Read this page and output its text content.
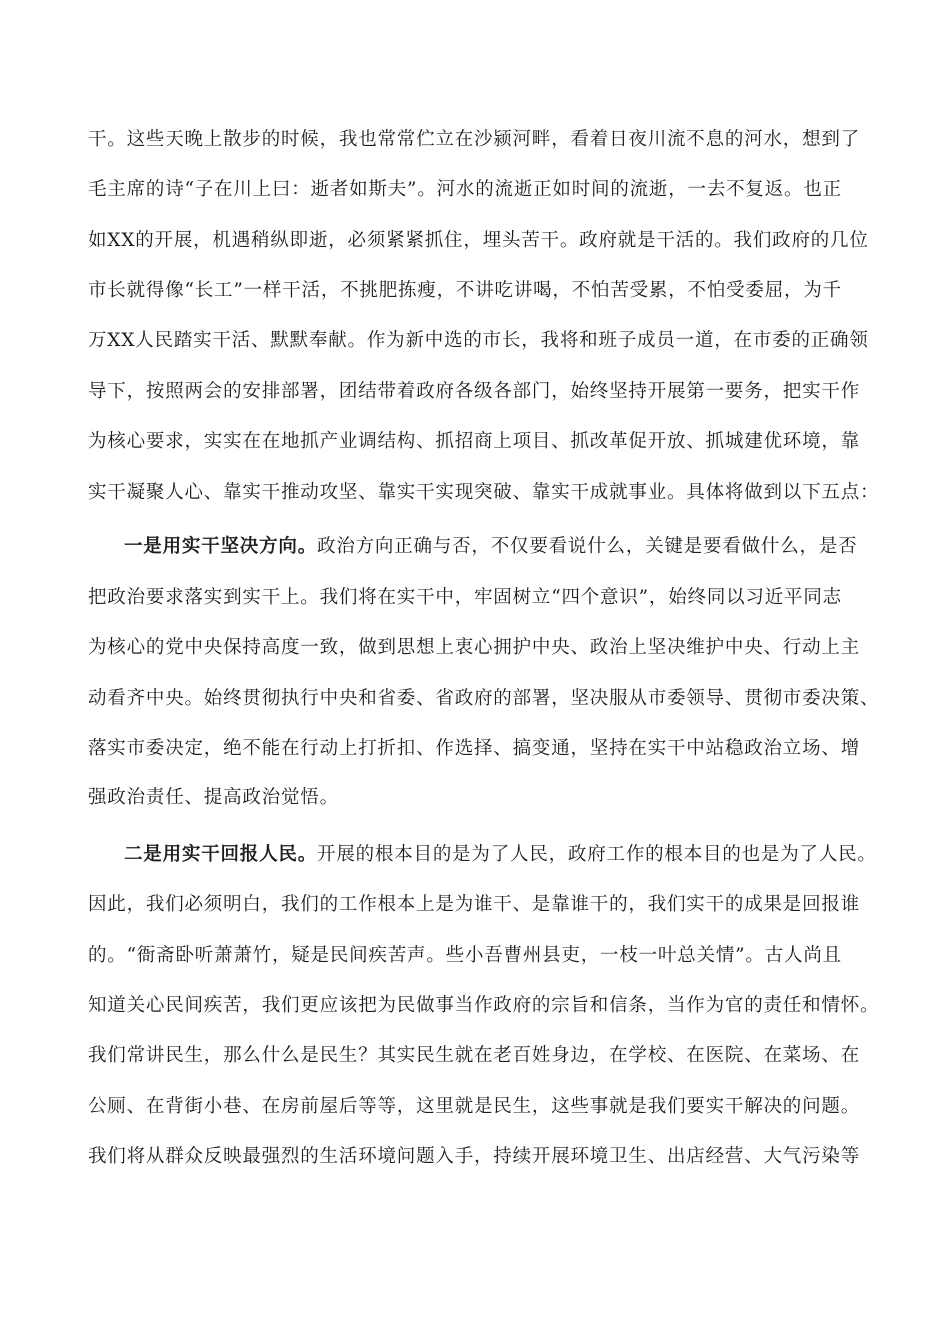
干。这些天晚上散步的时候，我也常常伫立在沙颍河畔，看着日夜川流不息的河水，想到了
毛主席的诗“子在川上曰：逝者如斯夫”。河水的流逝正如时间的流逝，一去不复返。也正
如XX的开展，机遇稍纵即逝，必须紧紧抓住，埋头苦干。政府就是干活的。我们政府的几位
市长就得像“长工”一样干活，不挑肥拣瘦，不讲吃讲喝，不怕苦受累，不怕受委屈，为千
万XX人民踏实干活、默默奉献。作为新中选的市长，我将和班子成员一道，在市委的正确领
导下，按照两会的安排部署，团结带着政府各级各部门，始终坚持开展第一要务，把实干作
为核心要求，实实在在地抓产业调结构、抓招商上项目、抓改革促开放、抓城建优环境，靠
实干凝聚人心、靠实干推动攻坚、靠实干实现突破、靠实干成就事业。具体将做到以下五点：
一是用实干坚决方向。政治方向正确与否，不仅要看说什么，关键是要看做什么，是否
把政治要求落实到实干上。我们将在实干中，牢固树立“四个意识”，始终同以习近平同志
为核心的党中央保持高度一致，做到思想上衷心拥护中央、政治上坚决维护中央、行动上主
动看齐中央。始终贯彻执行中央和省委、省政府的部署，坚决服从市委领导、贯彻市委决策、
落实市委决定，绝不能在行动上打折扣、作选择、搞变通，坚持在实干中站稳政治立场、增
强政治责任、提高政治觉悟。
二是用实干回报人民。开展的根本目的是为了人民，政府工作的根本目的也是为了人民。
因此，我们必须明白，我们的工作根本上是为谁干、是靠谁干的，我们实干的成果是回报谁
的。“衙斋卧听萧萧竹，疑是民间疾苦声。些小吾曹州县吏，一枝一叶总关情”。古人尚且
知道关心民间疾苦，我们更应该把为民做事当作政府的宗旨和信条，当作为官的责任和情怀。
我们常讲民生，那么什么是民生？其实民生就在老百姓身边，在学校、在医院、在菜场、在
公厕、在背街小巷、在房前屋后等等，这里就是民生，这些事就是我们要实干解决的问题。
我们将从群众反映最强烈的生活环境问题入手，持续开展环境卫生、出店经营、大气污染等
